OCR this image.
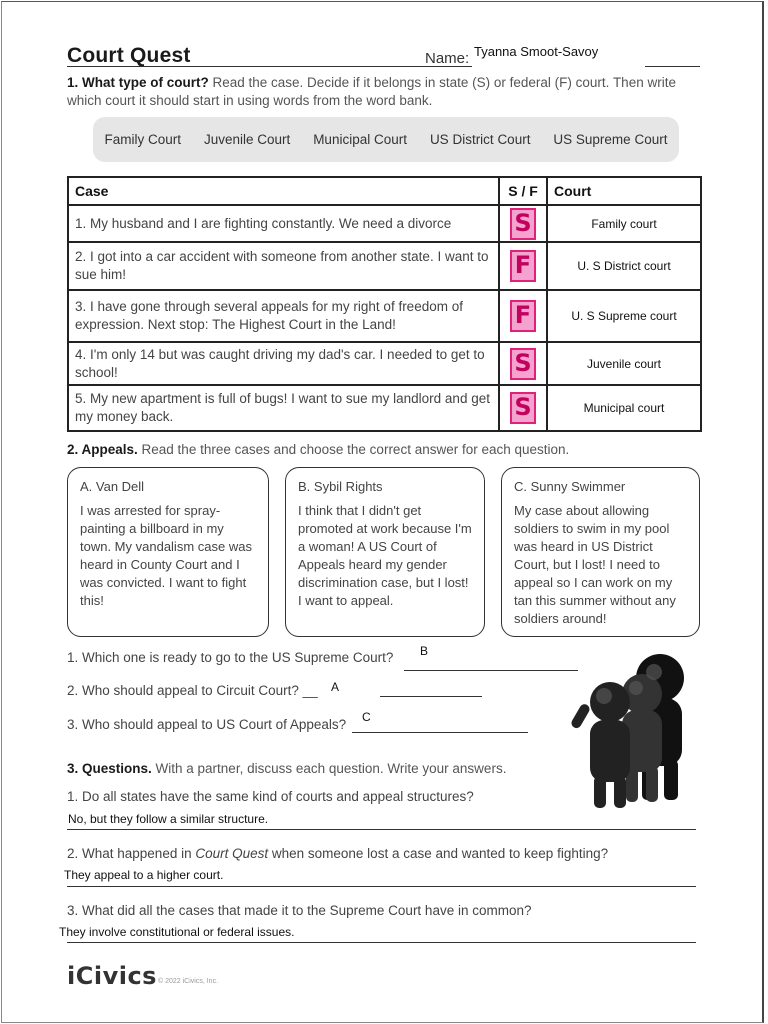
Court Quest	Name: Tyanna Smoot-Savoy
1. What type of court? Read the case. Decide if it belongs in state (S) or federal (F) court. Then write which court it should start in using words from the word bank.
Family Court Juvenile Court Municipal Court US District Court US Supreme Court
Case	S / F	Court
1. My husband and I are fighting constantly. We need a divorce	S	Family court
2. I got into a car accident with someone from another state. I want to sue him!	F	U. S District court
3. I have gone through several appeals for my right of freedom of expression. Next stop: The Highest Court in the Land!	F	U. S Supreme court
4. I'm only 14 but was caught driving my dad's car. I needed to get to school!	S	Juvenile court
5. My new apartment is full of bugs! I want to sue my landlord and get my money back.	S	Municipal court
2. Appeals. Read the three cases and choose the correct answer for each question.
A. Van Dell
I was arrested for spray-painting a billboard in my town. My vandalism case was heard in County Court and I was convicted. I want to fight this!
B. Sybil Rights
I think that I didn't get promoted at work because I'm a woman! A US Court of Appeals heard my gender discrimination case, but I lost! I want to appeal.
C. Sunny Swimmer
My case about allowing soldiers to swim in my pool was heard in US District Court, but I lost! I need to appeal so I can work on my tan this summer without any soldiers around!
1. Which one is ready to go to the US Supreme Court? B
2. Who should appeal to Circuit Court? __ A
3. Who should appeal to US Court of Appeals? C
3. Questions. With a partner, discuss each question. Write your answers.
1. Do all states have the same kind of courts and appeal structures?
No, but they follow a similar structure.
2. What happened in Court Quest when someone lost a case and wanted to keep fighting?
They appeal to a higher court.
3. What did all the cases that made it to the Supreme Court have in common?
They involve constitutional or federal issues.
iCivics © 2022 iCivics, Inc.
